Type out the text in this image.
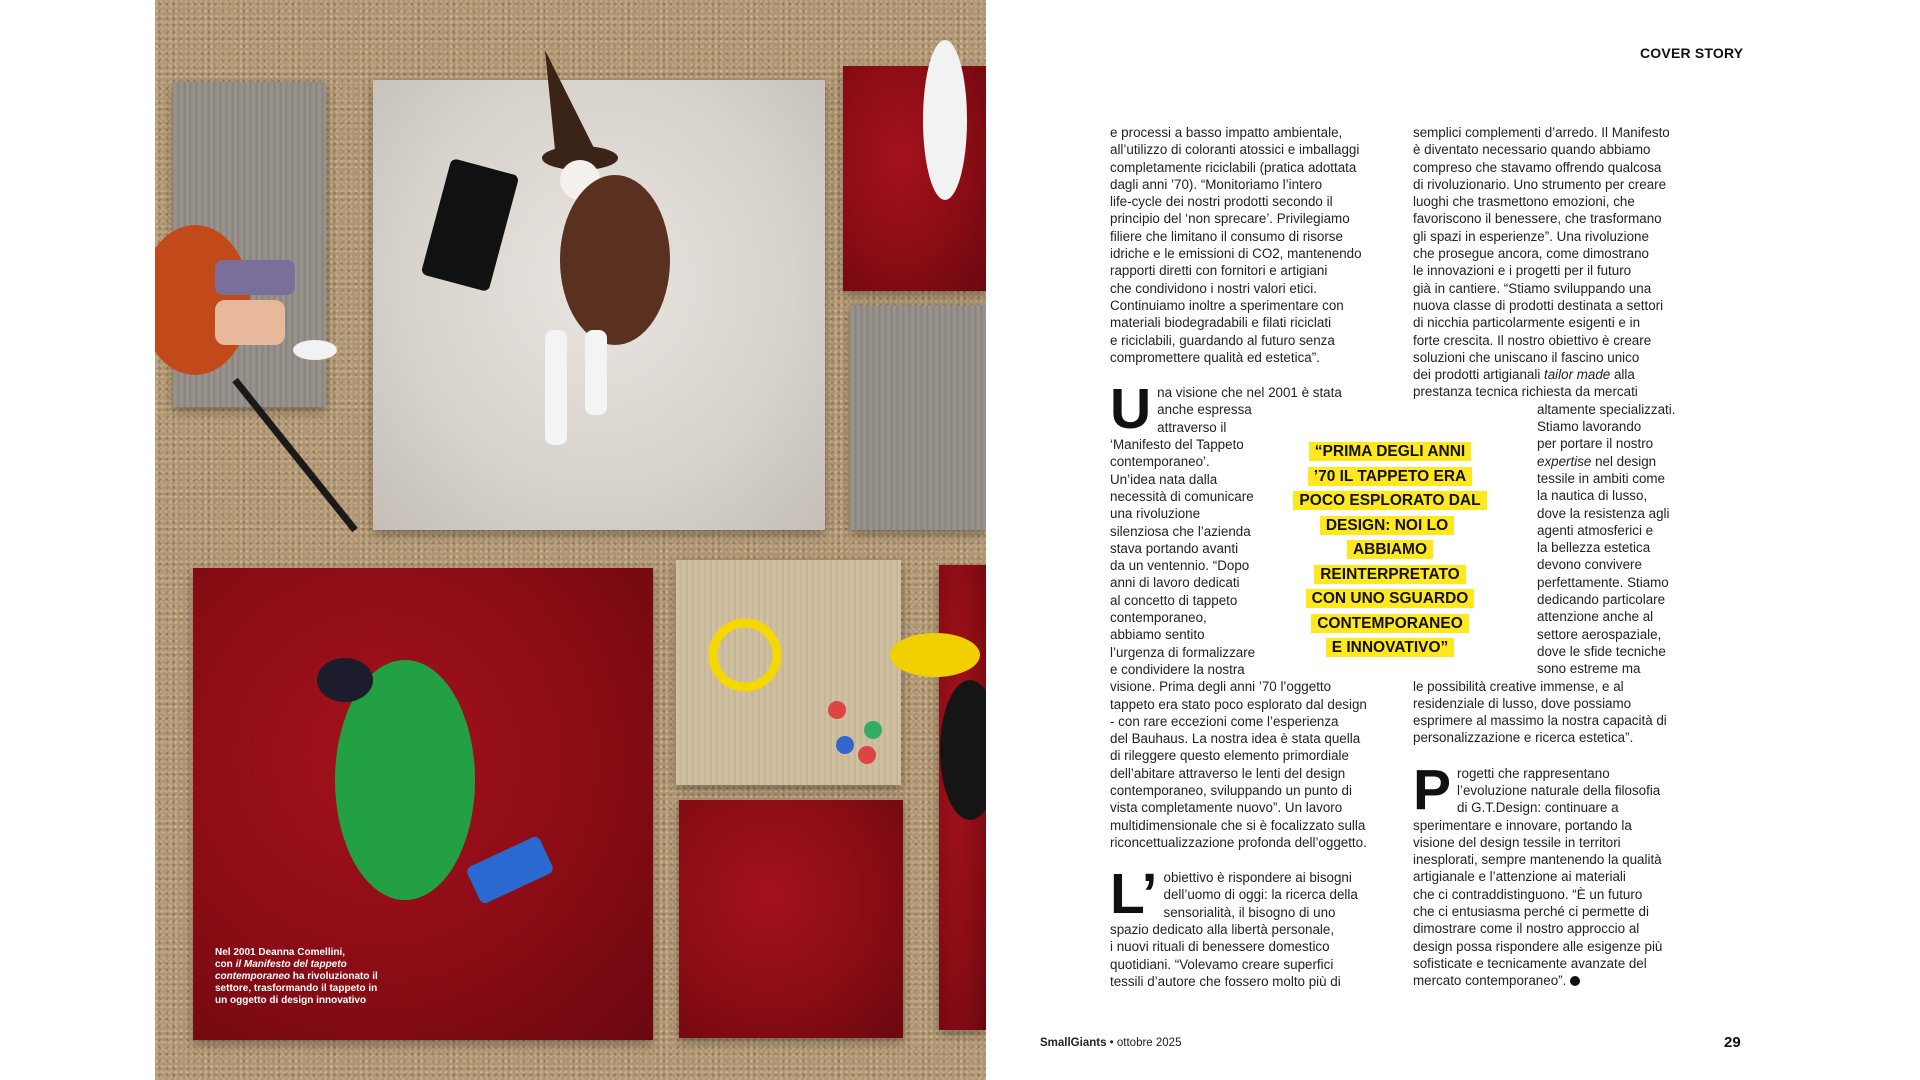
Nel 2001 Deanna Comellini,
con il Manifesto del tappeto
contemporaneo ha rivoluzionato il
settore, trasformando il tappeto in
un oggetto di design innovativo
COVER STORY

e processi a basso impatto ambientale,
all’utilizzo di coloranti atossici e imballaggi
completamente riciclabili (pratica adottata
dagli anni ’70). “Monitoriamo l’intero
life-cycle dei nostri prodotti secondo il
principio del ‘non sprecare’. Privilegiamo
filiere che limitano il consumo di risorse
idriche e le emissioni di CO2, mantenendo
rapporti diretti con fornitori e artigiani
che condividono i nostri valori etici.
Continuiamo inoltre a sperimentare con
materiali biodegradabili e filati riciclati
e riciclabili, guardando al futuro senza
compromettere qualità ed estetica”.

U na visione che nel 2001 è stata
anche espressa
attraverso il
‘Manifesto del Tappeto
contemporaneo’.
Un’idea nata dalla
necessità di comunicare
una rivoluzione
silenziosa che l’azienda
stava portando avanti
da un ventennio. “Dopo
anni di lavoro dedicati
al concetto di tappeto
contemporaneo,
abbiamo sentito
l’urgenza di formalizzare
e condividere la nostra
visione. Prima degli anni ’70 l’oggetto
tappeto era stato poco esplorato dal design
- con rare eccezioni come l’esperienza
del Bauhaus. La nostra idea è stata quella
di rileggere questo elemento primordiale
dell’abitare attraverso le lenti del design
contemporaneo, sviluppando un punto di
vista completamente nuovo”. Un lavoro
multidimensionale che si è focalizzato sulla
riconcettualizzazione profonda dell’oggetto.

L’ obiettivo è rispondere ai bisogni
dell’uomo di oggi: la ricerca della
sensorialità, il bisogno di uno
spazio dedicato alla libertà personale,
i nuovi rituali di benessere domestico
quotidiani. “Volevamo creare superfici
tessili d’autore che fossero molto più di

semplici complementi d’arredo. Il Manifesto
è diventato necessario quando abbiamo
compreso che stavamo offrendo qualcosa
di rivoluzionario. Uno strumento per creare
luoghi che trasmettono emozioni, che
favoriscono il benessere, che trasformano
gli spazi in esperienze”. Una rivoluzione
che prosegue ancora, come dimostrano
le innovazioni e i progetti per il futuro
già in cantiere. “Stiamo sviluppando una
nuova classe di prodotti destinata a settori
di nicchia particolarmente esigenti e in
forte crescita. Il nostro obiettivo è creare
soluzioni che uniscano il fascino unico
dei prodotti artigianali tailor made alla
prestanza tecnica richiesta da mercati

altamente specializzati.
Stiamo lavorando
per portare il nostro
expertise nel design
tessile in ambiti come
la nautica di lusso,
dove la resistenza agli
agenti atmosferici e
la bellezza estetica
devono convivere
perfettamente. Stiamo
dedicando particolare
attenzione anche al
settore aerospaziale,
dove le sfide tecniche
sono estreme ma
le possibilità creative immense, e al
residenziale di lusso, dove possiamo
esprimere al massimo la nostra capacità di
personalizzazione e ricerca estetica”.

P rogetti che rappresentano
l’evoluzione naturale della filosofia
di G.T.Design: continuare a
sperimentare e innovare, portando la
visione del design tessile in territori
inesplorati, sempre mantenendo la qualità
artigianale e l’attenzione ai materiali
che ci contraddistinguono. “È un futuro
che ci entusiasma perché ci permette di
dimostrare come il nostro approccio al
design possa rispondere alle esigenze più
sofisticate e tecnicamente avanzate del
mercato contemporaneo”.

“PRIMA DEGLI ANNI
’70 IL TAPPETO ERA
POCO ESPLORATO DAL
DESIGN: NOI LO ABBIAMO
REINTERPRETATO
CON UNO SGUARDO
CONTEMPORANEO
E INNOVATIVO”

SmallGiants • ottobre 2025	29
